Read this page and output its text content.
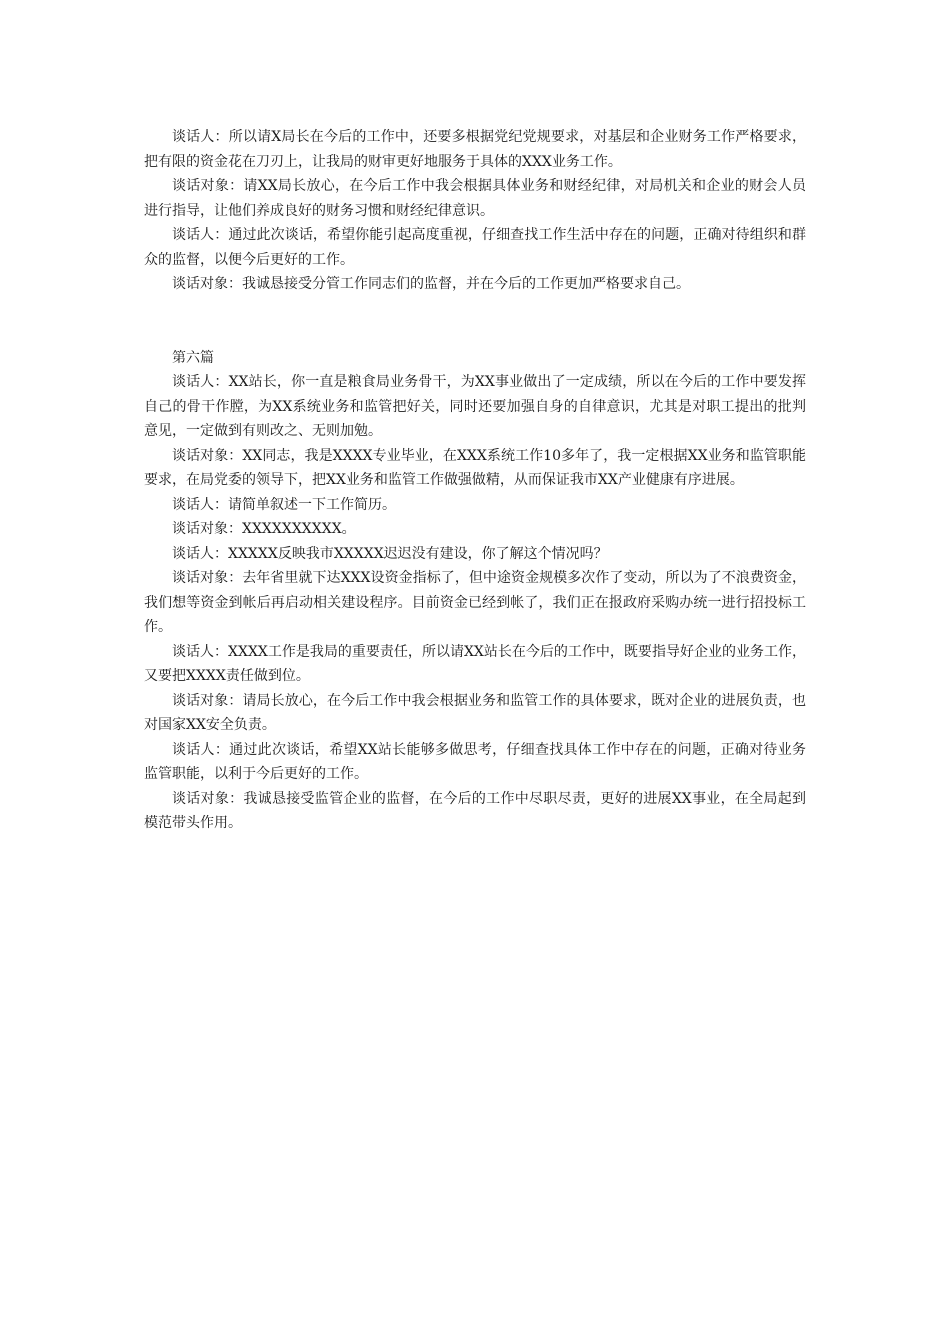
谈话人：所以请X局长在今后的工作中，还要多根据党纪党规要求，对基层和企业财务工作严格要求，把有限的资金花在刀刃上，让我局的财审更好地服务于具体的XXX业务工作。

谈话对象：请XX局长放心，在今后工作中我会根据具体业务和财经纪律，对局机关和企业的财会人员进行指导，让他们养成良好的财务习惯和财经纪律意识。

谈话人：通过此次谈话，希望你能引起高度重视，仔细查找工作生活中存在的问题，正确对待组织和群众的监督，以便今后更好的工作。

谈话对象：我诚恳接受分管工作同志们的监督，并在今后的工作更加严格要求自己。

第六篇

谈话人：XX站长，你一直是粮食局业务骨干，为XX事业做出了一定成绩，所以在今后的工作中要发挥自己的骨干作膛，为XX系统业务和监管把好关，同时还要加强自身的自律意识，尤其是对职工提出的批判意见，一定做到有则改之、无则加勉。

谈话对象：XX同志，我是XXXX专业毕业，在XXX系统工作10多年了，我一定根据XX业务和监管职能要求，在局党委的领导下，把XX业务和监管工作做强做精，从而保证我市XX产业健康有序进展。

谈话人：请简单叙述一下工作简历。

谈话对象：XXXXXXXXXX。

谈话人：XXXXX反映我市XXXXX迟迟没有建设，你了解这个情况吗？

谈话对象：去年省里就下达XXX设资金指标了，但中途资金规模多次作了变动，所以为了不浪费资金，我们想等资金到帐后再启动相关建设程序。目前资金已经到帐了，我们正在报政府采购办统一进行招投标工作。

谈话人：XXXX工作是我局的重要责任，所以请XX站长在今后的工作中，既要指导好企业的业务工作，又要把XXXX责任做到位。

谈话对象：请局长放心，在今后工作中我会根据业务和监管工作的具体要求，既对企业的进展负责，也对国家XX安全负责。

谈话人：通过此次谈话，希望XX站长能够多做思考，仔细查找具体工作中存在的问题，正确对待业务监管职能，以利于今后更好的工作。

谈话对象：我诚恳接受监管企业的监督，在今后的工作中尽职尽责，更好的进展XX事业，在全局起到模范带头作用。
